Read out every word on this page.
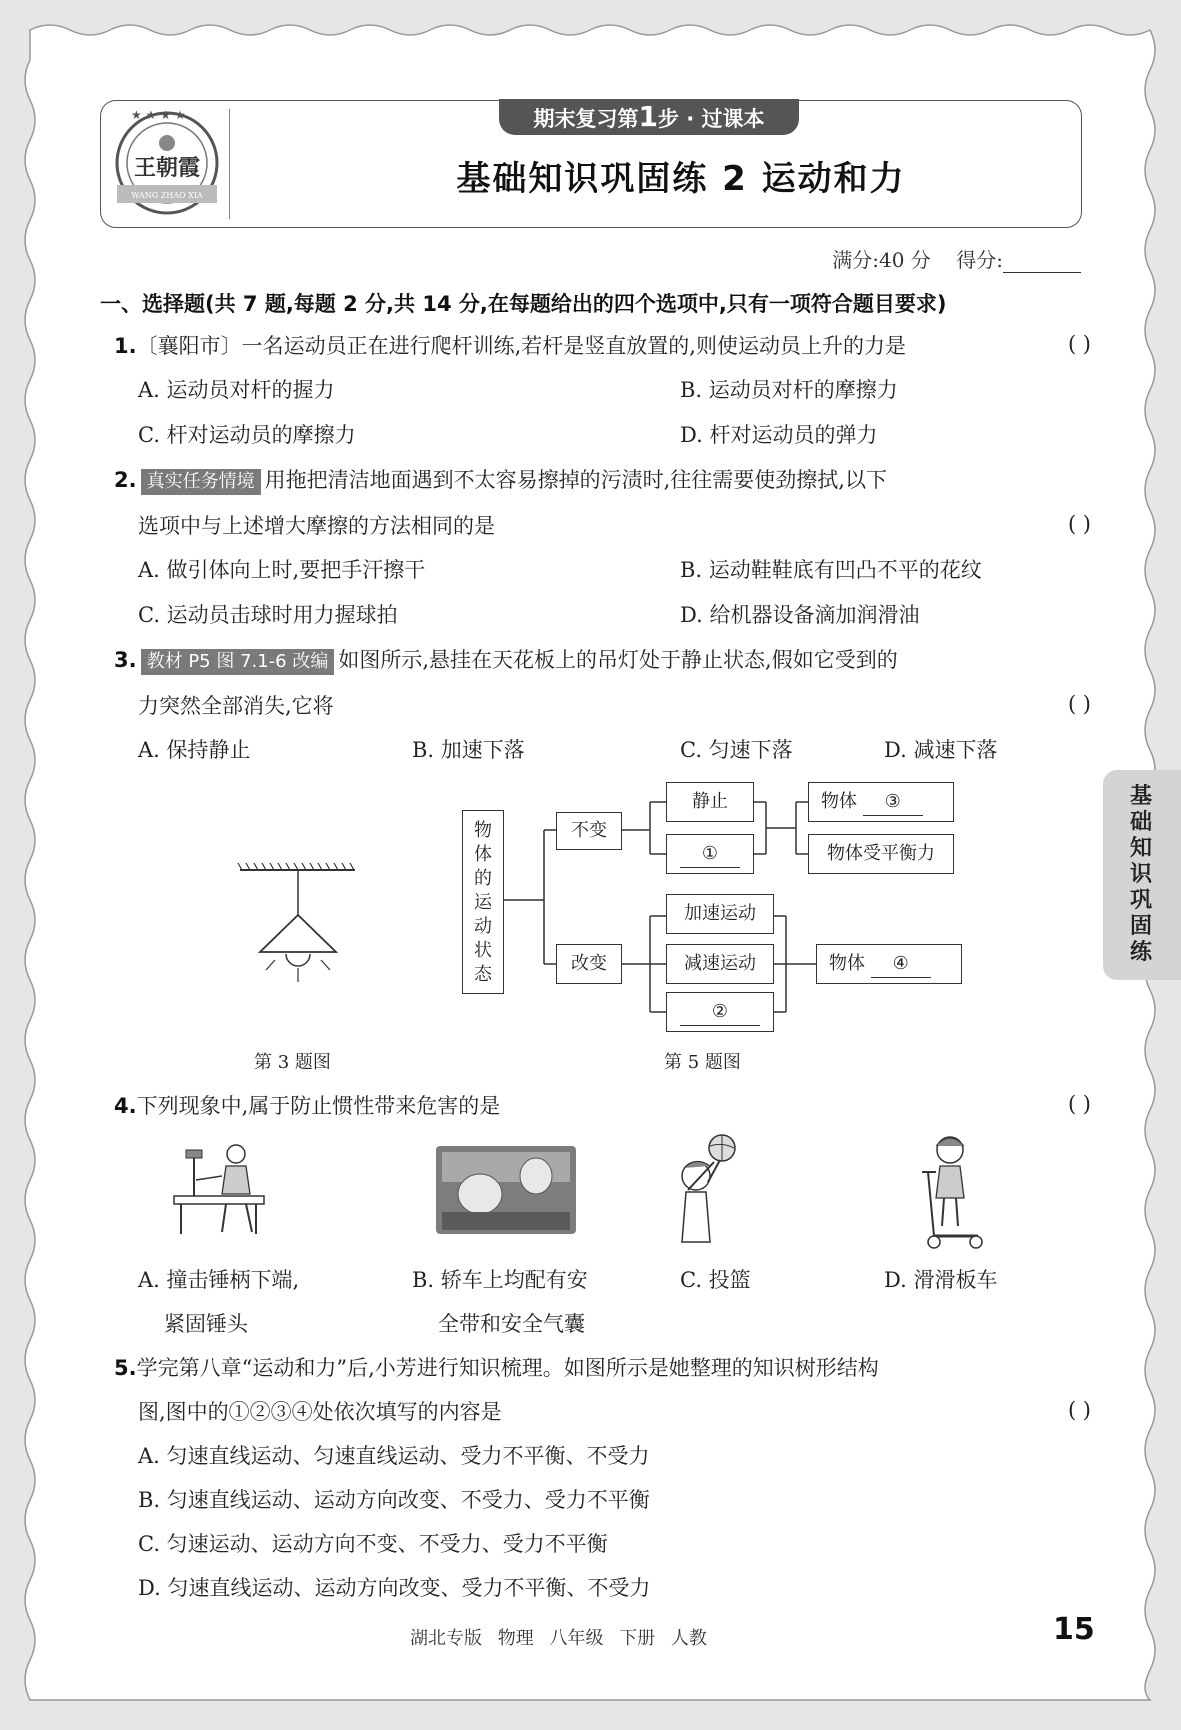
★ ★ ★ ★
王朝霞
WANG ZHAO XIA
期末复习第1步 · 过课本
基础知识巩固练 2 运动和力
满分:40 分 得分:
一、选择题(共 7 题,每题 2 分,共 14 分,在每题给出的四个选项中,只有一项符合题目要求)
1.〔襄阳市〕一名运动员正在进行爬杆训练,若杆是竖直放置的,则使运动员上升的力是	( )
A. 运动员对杆的握力	B. 运动员对杆的摩擦力
C. 杆对运动员的摩擦力	D. 杆对运动员的弹力
2. 真实任务情境 用拖把清洁地面遇到不太容易擦掉的污渍时,往往需要使劲擦拭,以下
选项中与上述增大摩擦的方法相同的是	( )
A. 做引体向上时,要把手汗擦干	B. 运动鞋鞋底有凹凸不平的花纹
C. 运动员击球时用力握球拍	D. 给机器设备滴加润滑油
3. 教材 P5 图 7.1-6 改编 如图所示,悬挂在天花板上的吊灯处于静止状态,假如它受到的
力突然全部消失,它将	( )
A. 保持静止	B. 加速下落	C. 匀速下落	D. 减速下落
第 3 题图
物体的运动状态
不变
改变
静止
①
物体 ③
物体受平衡力
加速运动
减速运动
②
物体 ④
第 5 题图
4.下列现象中,属于防止惯性带来危害的是	( )
A. 撞击锤柄下端,
紧固锤头
B. 轿车上均配有安
全带和安全气囊
C. 投篮	D. 滑滑板车
5.学完第八章“运动和力”后,小芳进行知识梳理。如图所示是她整理的知识树形结构
图,图中的①②③④处依次填写的内容是	( )
A. 匀速直线运动、匀速直线运动、受力不平衡、不受力
B. 匀速直线运动、运动方向改变、不受力、受力不平衡
C. 匀速运动、运动方向不变、不受力、受力不平衡
D. 匀速直线运动、运动方向改变、受力不平衡、不受力
基础知识巩固练
湖北专版 物理 八年级 下册 人教	15
